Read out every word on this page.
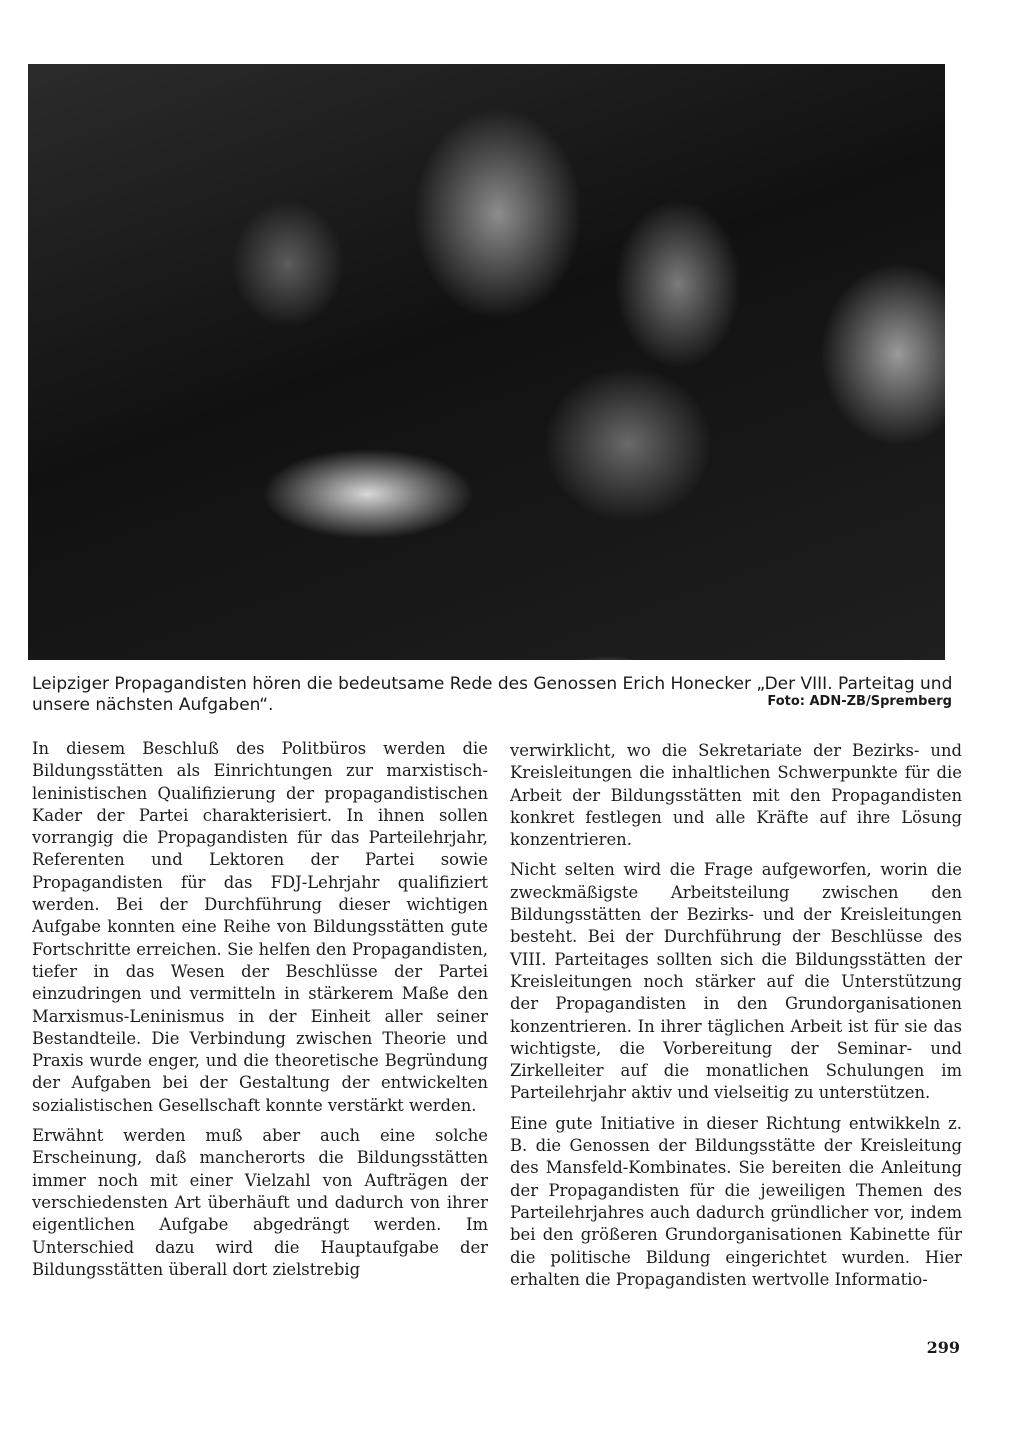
Leipziger Propagandisten hören die bedeutsame Rede des Genossen Erich Honecker „Der VIII. Parteitag und unsere nächsten Aufgaben“.	Foto: ADN-ZB/Spremberg

In diesem Beschluß des Politbüros werden die Bildungsstätten als Einrichtungen zur marxistisch-leninistischen Qualifizierung der propagandistischen Kader der Partei charakterisiert. In ihnen sollen vorrangig die Propagandisten für das Parteilehrjahr, Referenten und Lektoren der Partei sowie Propagandisten für das FDJ-Lehrjahr qualifiziert werden. Bei der Durchführung dieser wichtigen Aufgabe konnten eine Reihe von Bildungsstätten gute Fortschritte erreichen. Sie helfen den Propagandisten, tiefer in das Wesen der Beschlüsse der Partei einzudringen und vermitteln in stärkerem Maße den Marxismus-Leninismus in der Einheit aller seiner Bestandteile. Die Verbindung zwischen Theorie und Praxis wurde enger, und die theoretische Begründung der Aufgaben bei der Gestaltung der entwickelten sozialistischen Gesellschaft konnte verstärkt werden.

Erwähnt werden muß aber auch eine solche Erscheinung, daß mancherorts die Bildungsstätten immer noch mit einer Vielzahl von Aufträgen der verschiedensten Art überhäuft und dadurch von ihrer eigentlichen Aufgabe abgedrängt werden. Im Unterschied dazu wird die Hauptaufgabe der Bildungsstätten überall dort zielstrebig

verwirklicht, wo die Sekretariate der Bezirks- und Kreisleitungen die inhaltlichen Schwerpunkte für die Arbeit der Bildungsstätten mit den Propagandisten konkret festlegen und alle Kräfte auf ihre Lösung konzentrieren.

Nicht selten wird die Frage aufgeworfen, worin die zweckmäßigste Arbeitsteilung zwischen den Bildungsstätten der Bezirks- und der Kreisleitungen besteht. Bei der Durchführung der Beschlüsse des VIII. Parteitages sollten sich die Bildungsstätten der Kreisleitungen noch stärker auf die Unterstützung der Propagandisten in den Grundorganisationen konzentrieren. In ihrer täglichen Arbeit ist für sie das wichtigste, die Vorbereitung der Seminar- und Zirkelleiter auf die monatlichen Schulungen im Parteilehrjahr aktiv und vielseitig zu unterstützen.

Eine gute Initiative in dieser Richtung entwikkeln z. B. die Genossen der Bildungsstätte der Kreisleitung des Mansfeld-Kombinates. Sie bereiten die Anleitung der Propagandisten für die jeweiligen Themen des Parteilehrjahres auch dadurch gründlicher vor, indem bei den größeren Grundorganisationen Kabinette für die politische Bildung eingerichtet wurden. Hier erhalten die Propagandisten wertvolle Informatio-

299
